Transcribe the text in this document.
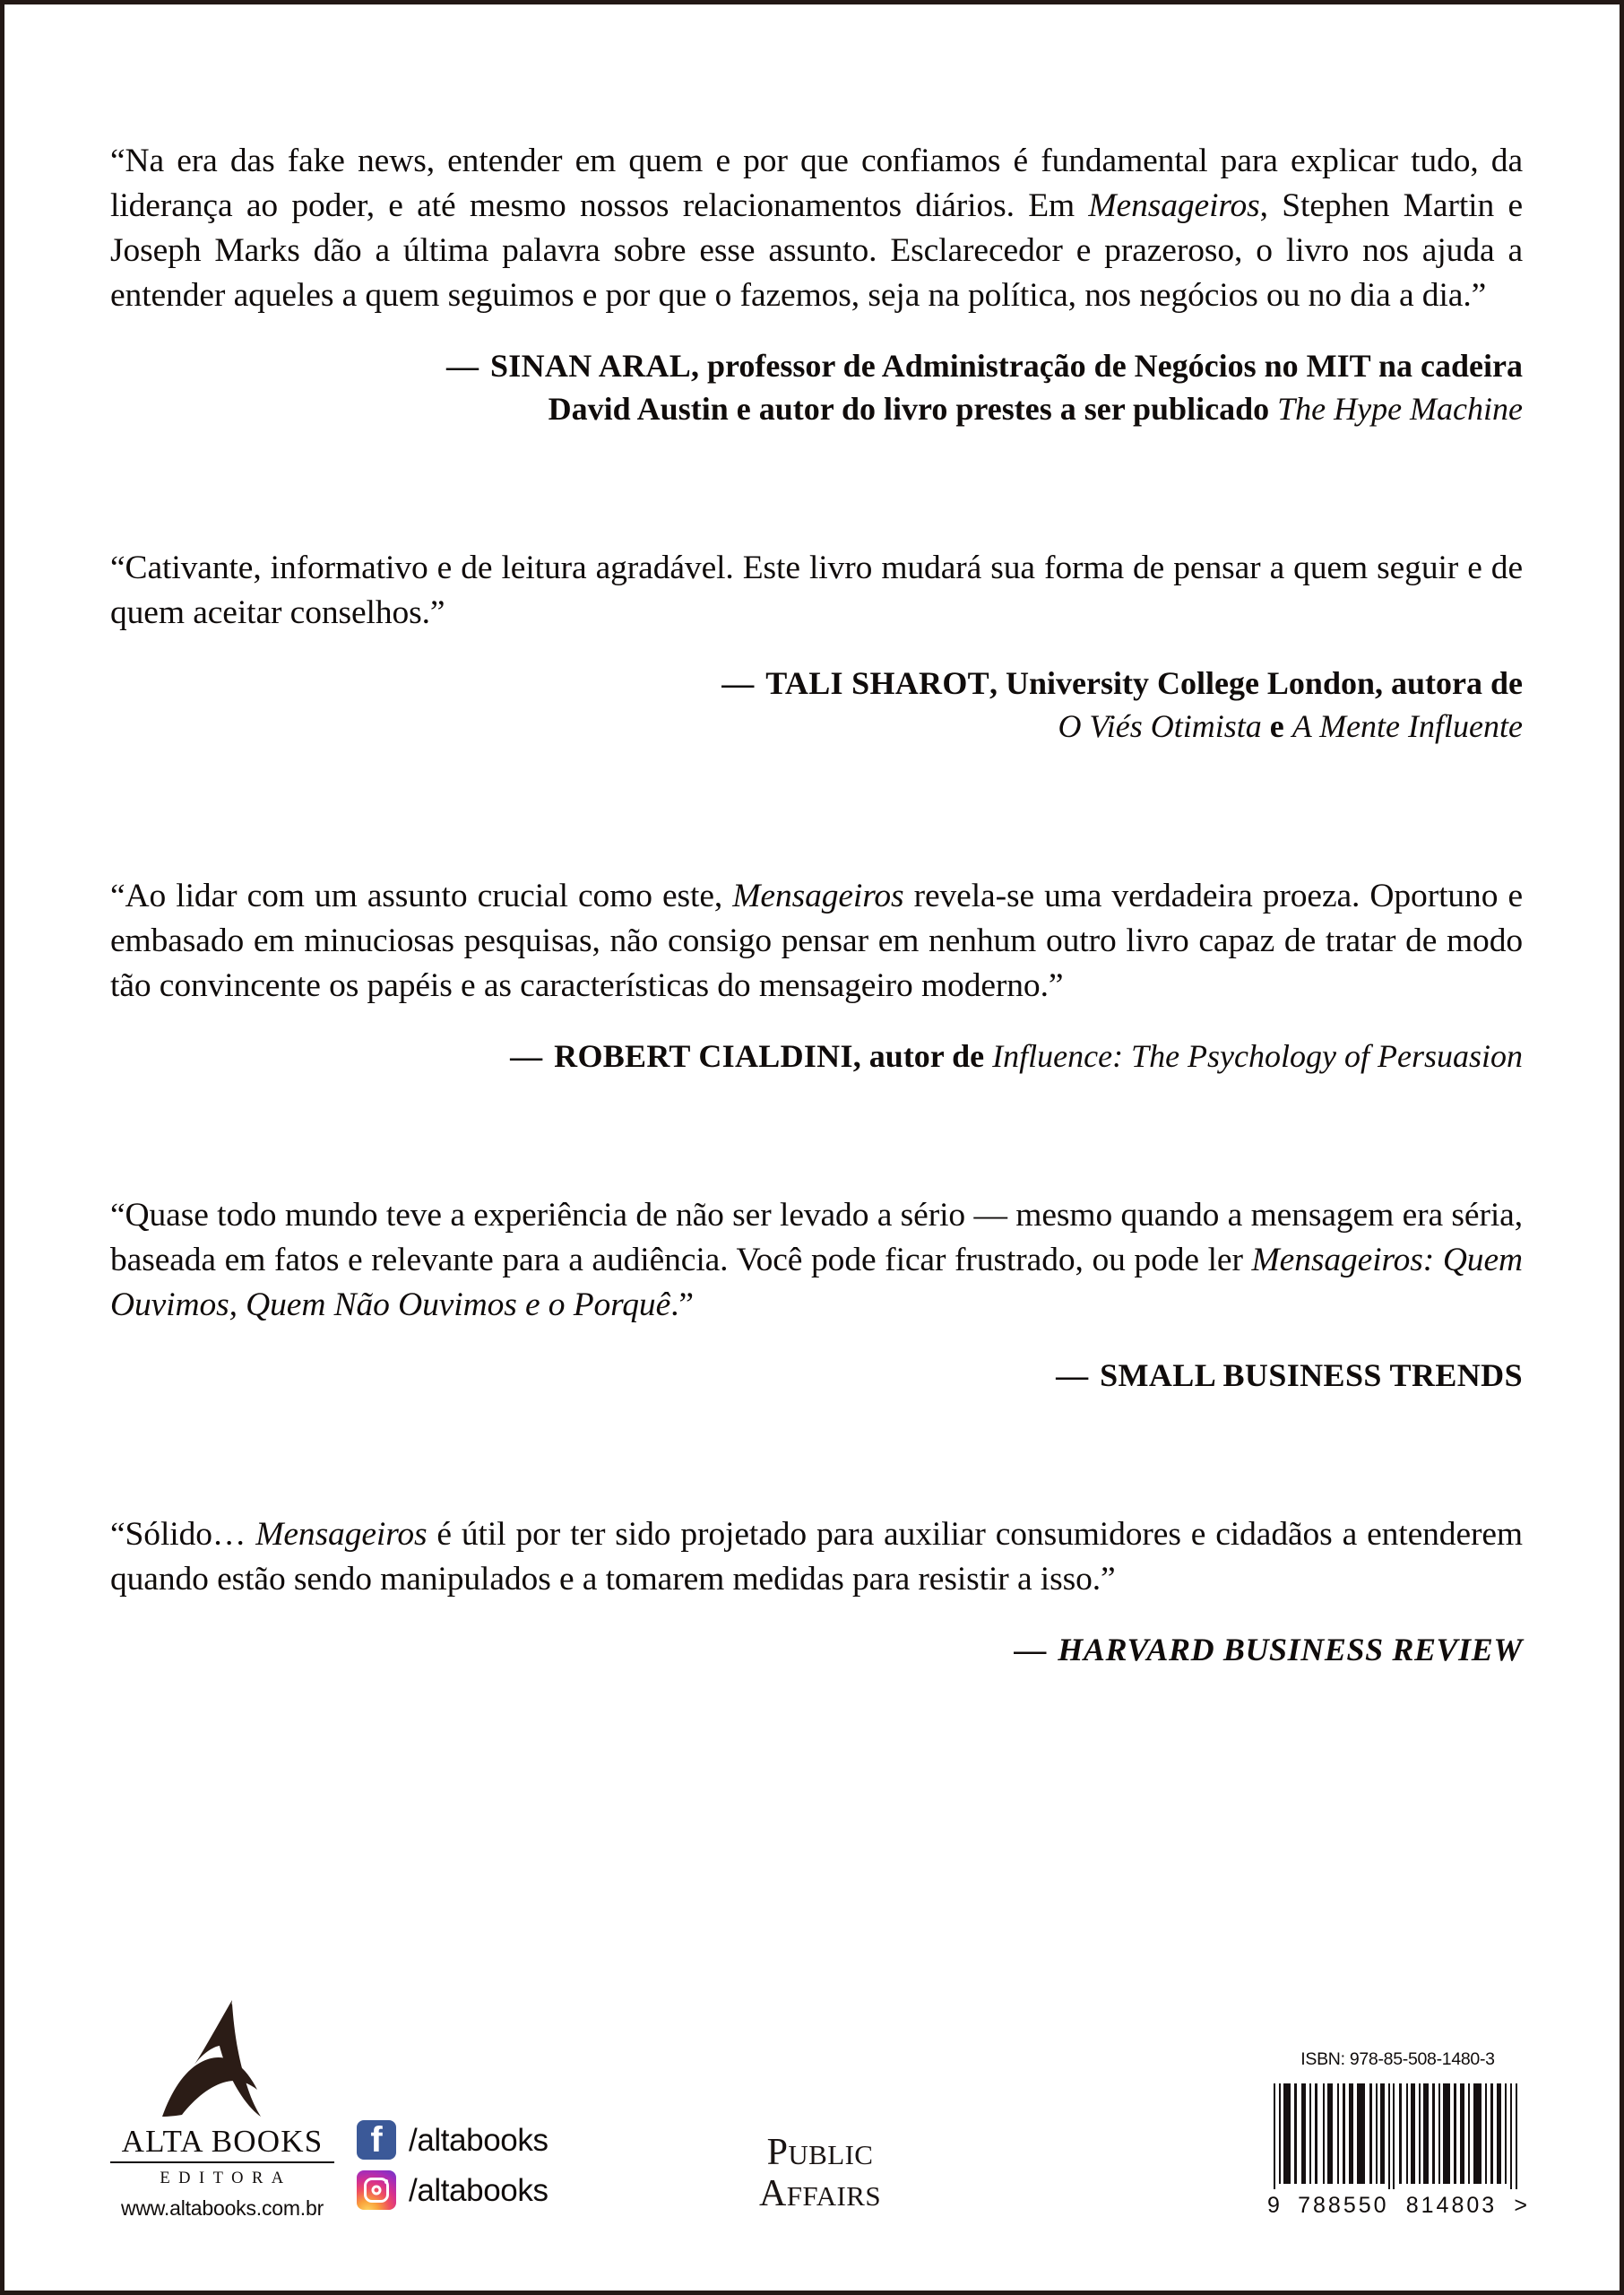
“Na era das fake news, entender em quem e por que confiamos é fundamental para explicar tudo, da liderança ao poder, e até mesmo nossos relacionamentos diários. Em Mensageiros, Stephen Martin e Joseph Marks dão a última palavra sobre esse assunto. Esclarecedor e prazeroso, o livro nos ajuda a entender aqueles a quem seguimos e por que o fazemos, seja na política, nos negócios ou no dia a dia.”

— SINAN ARAL, professor de Administração de Negócios no MIT na cadeira
David Austin e autor do livro prestes a ser publicado The Hype Machine

“Cativante, informativo e de leitura agradável. Este livro mudará sua forma de pensar a quem seguir e de quem aceitar conselhos.”

— TALI SHAROT, University College London, autora de
O Viés Otimista e A Mente Influente

“Ao lidar com um assunto crucial como este, Mensageiros revela-se uma verdadeira proeza. Oportuno e embasado em minuciosas pesquisas, não consigo pensar em nenhum outro livro capaz de tratar de modo tão convincente os papéis e as características do mensageiro moderno.”

— ROBERT CIALDINI, autor de Influence: The Psychology of Persuasion

“Quase todo mundo teve a experiência de não ser levado a sério — mesmo quando a mensagem era séria, baseada em fatos e relevante para a audiência. Você pode ficar frustrado, ou pode ler Mensageiros: Quem Ouvimos, Quem Não Ouvimos e o Porquê.”

— SMALL BUSINESS TRENDS

“Sólido… Mensageiros é útil por ter sido projetado para auxiliar consumidores e cidadãos a entenderem quando estão sendo manipulados e a tomarem medidas para resistir a isso.”

— HARVARD BUSINESS REVIEW
ALTA BOOKS
EDITORA
www.altabooks.com.br
f /altabooks
/altabooks
PUBLIC
AFFAIRS
ISBN: 978-85-508-1480-3
9 788550 814803 >
